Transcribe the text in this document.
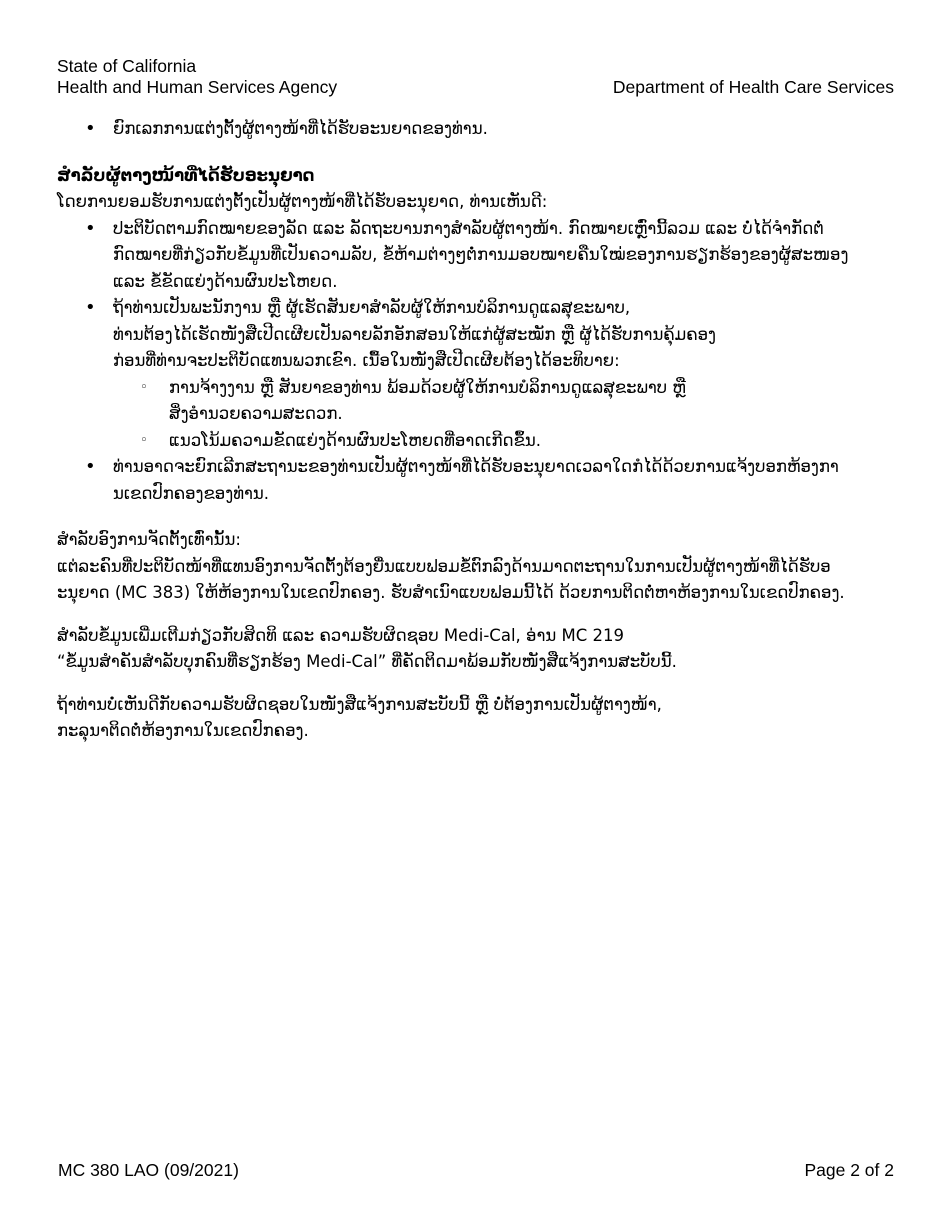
State of California
Health and Human Services Agency	Department of Health Care Services
• ຍົກເລກການແຕ່ງຕັ້ງຜູ້ຕາງໜ້າທີ່ໄດ້ຮັບອະນຍາດຂອງທ່ານ.

ສໍາລັບຜູ້ຕາງໜ້າທີ່ໄດ້ຮັບອະນຸຍາດ

ໂດຍການຍອມຮັບການແຕ່ງຕັ້ງເປັນຜູ້ຕາງໜ້າທີ່ໄດ້ຮັບອະນຸຍາດ, ທ່ານເຫັນດີ:

• ປະຕິບັດຕາມກົດໝາຍຂອງລັດ ແລະ ລັດຖະບານກາງສໍາລັບຜູ້ຕາງໜ້າ. ກົດໝາຍເຫຼົ່ານີ້ລວມ ແລະ ບໍ່ໄດ້ຈໍາກັດຕໍ່
ກົດໝາຍທີ່ກ່ຽວກັບຂໍ້ມູນທີ່ເປັນຄວາມລັບ, ຂໍ້ຫ້າມຕ່າງໆຕໍ່ການມອບໝາຍຄືນໃໝ່ຂອງການຮຽກຮ້ອງຂອງຜູ້ສະໜອງ
ແລະ ຂໍ້ຂັດແຍ່ງດ້ານຜົນປະໂຫຍດ.
• ຖ້າທ່ານເປັນພະນັກງານ ຫຼື ຜູ້ເຮັດສັນຍາສໍາລັບຜູ້ໃຫ້ການບໍລິການດູແລສຸຂະພາບ,
ທ່ານຕ້ອງໄດ້ເຮັດໜັງສືເປີດເຜີຍເປັນລາຍລັກອັກສອນໃຫ້ແກ່ຜູ້ສະໝັກ ຫຼື ຜູ້ໄດ້ຮັບການຄຸ້ມຄອງ
ກ່ອນທີ່ທ່ານຈະປະຕິບັດແທນພວກເຂົາ. ເນື້ອໃນໜັງສືເປີດເຜີຍຕ້ອງໄດ້ອະທິບາຍ:
◦ ການຈ້າງງານ ຫຼື ສັນຍາຂອງທ່ານ ພ້ອມດ້ວຍຜູ້ໃຫ້ການບໍລິການດູແລສຸຂະພາບ ຫຼື
ສິ່ງອໍານວຍຄວາມສະດວກ.
◦ ແນວໂນ້ມຄວາມຂັດແຍ່ງດ້ານຜົນປະໂຫຍດທີ່ອາດເກີດຂຶ້ນ.
• ທ່ານອາດຈະຍົກເລີກສະຖານະຂອງທ່ານເປັນຜູ້ຕາງໜ້າທີ່ໄດ້ຮັບອະນຸຍາດເວລາໃດກໍໄດ້ດ້ວຍການແຈ້ງບອກຫ້ອງກາ
ນເຂດປົກຄອງຂອງທ່ານ.

ສໍາລັບອົງການຈັດຕັ້ງເທົ່ານັ້ນ:

ແຕ່ລະຄົນທີ່ປະຕິບັດໜ້າທີ່ແທນອົງການຈັດຕັ້ງຕ້ອງຍື່ນແບບຟອມຂໍ້ຕົກລົງດ້ານມາດຕະຖານໃນການເປັນຜູ້ຕາງໜ້າທີ່ໄດ້ຮັບອ

ະນຸຍາດ (MC 383) ໃຫ້ຫ້ອງການໃນເຂດປົກຄອງ. ຮັບສໍາເນົາແບບຟອມນີ້ໄດ້ ດ້ວຍການຕິດຕໍ່ຫາຫ້ອງການໃນເຂດປົກຄອງ.

ສໍາລັບຂໍ້ມູນເພີ່ມເຕີມກ່ຽວກັບສິດທິ ແລະ ຄວາມຮັບຜິດຊອບ Medi-Cal, ອ່ານ MC 219

“ຂໍ້ມູນສໍາຄັນສໍາລັບບຸກຄົນທີ່ຮຽກຮ້ອງ Medi-Cal” ທີ່ຄັດຕິດມາພ້ອມກັບໜັງສືແຈ້ງການສະບັບນີ້.

ຖ້າທ່ານບໍ່ເຫັນດີກັບຄວາມຮັບຜິດຊອບໃນໜັງສືແຈ້ງການສະບັບນີ້ ຫຼື ບໍ່ຕ້ອງການເປັນຜູ້ຕາງໜ້າ,

ກະລຸນາຕິດຕໍ່ຫ້ອງການໃນເຂດປົກຄອງ.

MC 380 LAO (09/2021)	Page 2 of 2
